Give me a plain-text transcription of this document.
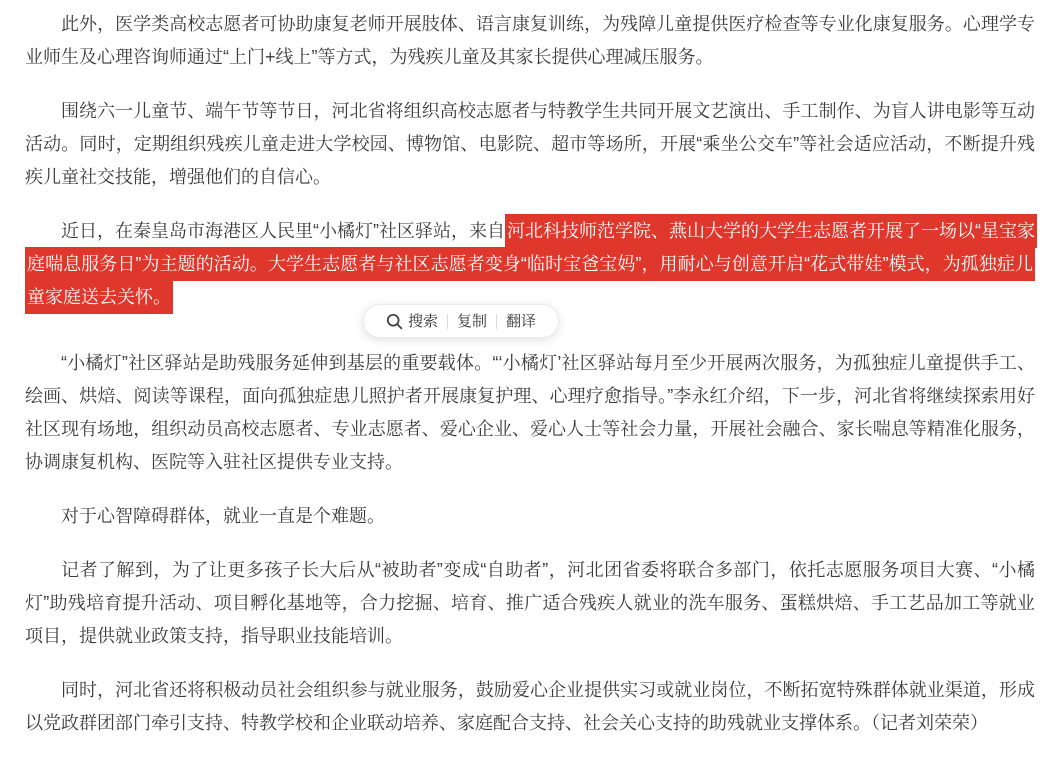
此外，医学类高校志愿者可协助康复老师开展肢体、语言康复训练，为残障儿童提供医疗检查等专业化康复服务。心理学专业师生及心理咨询师通过“上门+线上”等方式，为残疾儿童及其家长提供心理减压服务。

围绕六一儿童节、端午节等节日，河北省将组织高校志愿者与特教学生共同开展文艺演出、手工制作、为盲人讲电影等互动活动。同时，定期组织残疾儿童走进大学校园、博物馆、电影院、超市等场所，开展“乘坐公交车”等社会适应活动，不断提升残疾儿童社交技能，增强他们的自信心。

近日，在秦皇岛市海港区人民里“小橘灯”社区驿站，来自 河北科技师范学院、燕山大学的大学生志愿者开展了一场以“星宝家庭喘息服务日”为主题的活动。大学生志愿者与社区志愿者变身“临时宝爸宝妈”，用耐心与创意开启“花式带娃”模式，为孤独症儿童家庭送去关怀。

搜索 复制 翻译

“小橘灯”社区驿站是助残服务延伸到基层的重要载体。“‘小橘灯’社区驿站每月至少开展两次服务，为孤独症儿童提供手工、绘画、烘焙、阅读等课程，面向孤独症患儿照护者开展康复护理、心理疗愈指导。”李永红介绍，下一步，河北省将继续探索用好社区现有场地，组织动员高校志愿者、专业志愿者、爱心企业、爱心人士等社会力量，开展社会融合、家长喘息等精准化服务，协调康复机构、医院等入驻社区提供专业支持。

对于心智障碍群体，就业一直是个难题。

记者了解到，为了让更多孩子长大后从“被助者”变成“自助者”，河北团省委将联合多部门，依托志愿服务项目大赛、“小橘灯”助残培育提升活动、项目孵化基地等，合力挖掘、培育、推广适合残疾人就业的洗车服务、蛋糕烘焙、手工艺品加工等就业项目，提供就业政策支持，指导职业技能培训。

同时，河北省还将积极动员社会组织参与就业服务，鼓励爱心企业提供实习或就业岗位，不断拓宽特殊群体就业渠道，形成以党政群团部门牵引支持、特教学校和企业联动培养、家庭配合支持、社会关心支持的助残就业支撑体系。（记者刘荣荣）
